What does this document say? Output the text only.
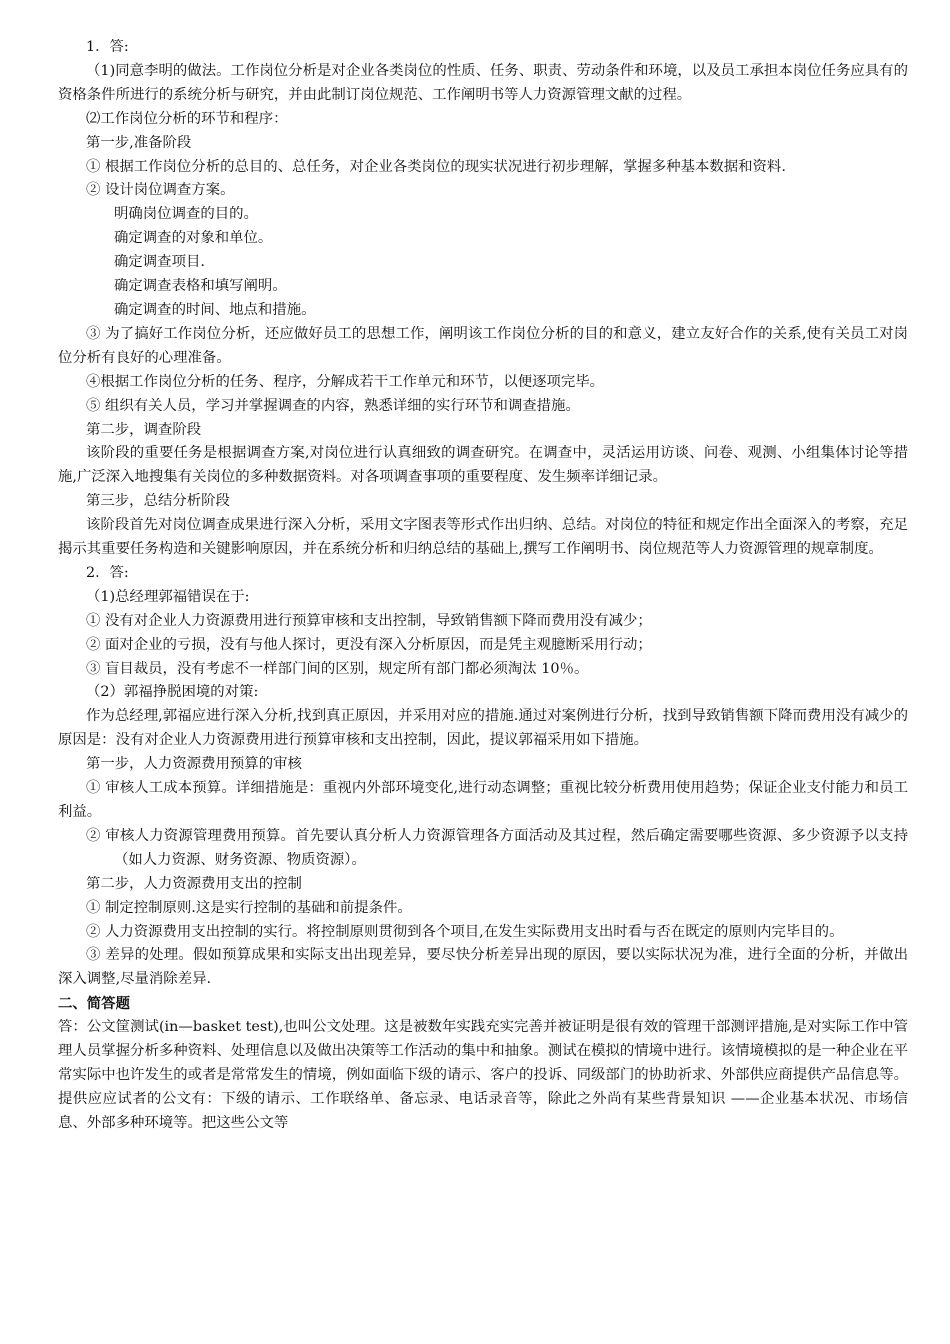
1．答:

（1)同意李明的做法。工作岗位分析是对企业各类岗位的性质、任务、职责、劳动条件和环境，以及员工承担本岗位任务应具有的资格条件所进行的系统分析与研究，并由此制订岗位规范、工作阐明书等人力资源管理文献的过程。

⑵工作岗位分析的环节和程序：

第一步,准备阶段

① 根据工作岗位分析的总目的、总任务，对企业各类岗位的现实状况进行初步理解，掌握多种基本数据和资料.

② 设计岗位调查方案。

明确岗位调查的目的。

确定调查的对象和单位。

确定调查项目.

确定调查表格和填写阐明。

确定调查的时间、地点和措施。

③ 为了搞好工作岗位分析，还应做好员工的思想工作，阐明该工作岗位分析的目的和意义，建立友好合作的关系,使有关员工对岗位分析有良好的心理准备。

④根据工作岗位分析的任务、程序，分解成若干工作单元和环节，以便逐项完毕。

⑤ 组织有关人员，学习并掌握调查的内容，熟悉详细的实行环节和调查措施。

第二步，调查阶段

该阶段的重要任务是根据调查方案,对岗位进行认真细致的调查研究。在调查中，灵活运用访谈、问卷、观测、小组集体讨论等措施,广泛深入地搜集有关岗位的多种数据资料。对各项调查事项的重要程度、发生频率详细记录。

第三步，总结分析阶段

该阶段首先对岗位调查成果进行深入分析，采用文字图表等形式作出归纳、总结。对岗位的特征和规定作出全面深入的考察，充足揭示其重要任务构造和关键影响原因，并在系统分析和归纳总结的基础上,撰写工作阐明书、岗位规范等人力资源管理的规章制度。

2．答:

（1)总经理郭福错误在于:

① 没有对企业人力资源费用进行预算审核和支出控制，导致销售额下降而费用没有减少；

② 面对企业的亏损，没有与他人探讨，更没有深入分析原因，而是凭主观臆断采用行动；

③ 盲目裁员，没有考虑不一样部门间的区别，规定所有部门都必须淘汰 10％。

（2）郭福挣脱困境的对策:

作为总经理,郭福应进行深入分析,找到真正原因，并采用对应的措施.通过对案例进行分析，找到导致销售额下降而费用没有减少的原因是：没有对企业人力资源费用进行预算审核和支出控制，因此，提议郭福采用如下措施。

第一步，人力资源费用预算的审核

① 审核人工成本预算。详细措施是：重视内外部环境变化,进行动态调整；重视比较分析费用使用趋势；保证企业支付能力和员工利益。

② 审核人力资源管理费用预算。首先要认真分析人力资源管理各方面活动及其过程，然后确定需要哪些资源、多少资源予以支持（如人力资源、财务资源、物质资源）。

第二步，人力资源费用支出的控制

① 制定控制原则.这是实行控制的基础和前提条件。

② 人力资源费用支出控制的实行。将控制原则贯彻到各个项目,在发生实际费用支出时看与否在既定的原则内完毕目的。

③ 差异的处理。假如预算成果和实际支出出现差异，要尽快分析差异出现的原因，要以实际状况为准，进行全面的分析，并做出深入调整,尽量消除差异.

二、简答题

答：公文筐测试(in—basket test),也叫公文处理。这是被数年实践充实完善并被证明是很有效的管理干部测评措施,是对实际工作中管理人员掌握分析多种资料、处理信息以及做出决策等工作活动的集中和抽象。测试在模拟的情境中进行。该情境模拟的是一种企业在平常实际中也许发生的或者是常常发生的情境，例如面临下级的请示、客户的投诉、同级部门的协助祈求、外部供应商提供产品信息等。提供应应试者的公文有：下级的请示、工作联络单、备忘录、电话录音等，除此之外尚有某些背景知识 ——企业基本状况、市场信息、外部多种环境等。把这些公文等
